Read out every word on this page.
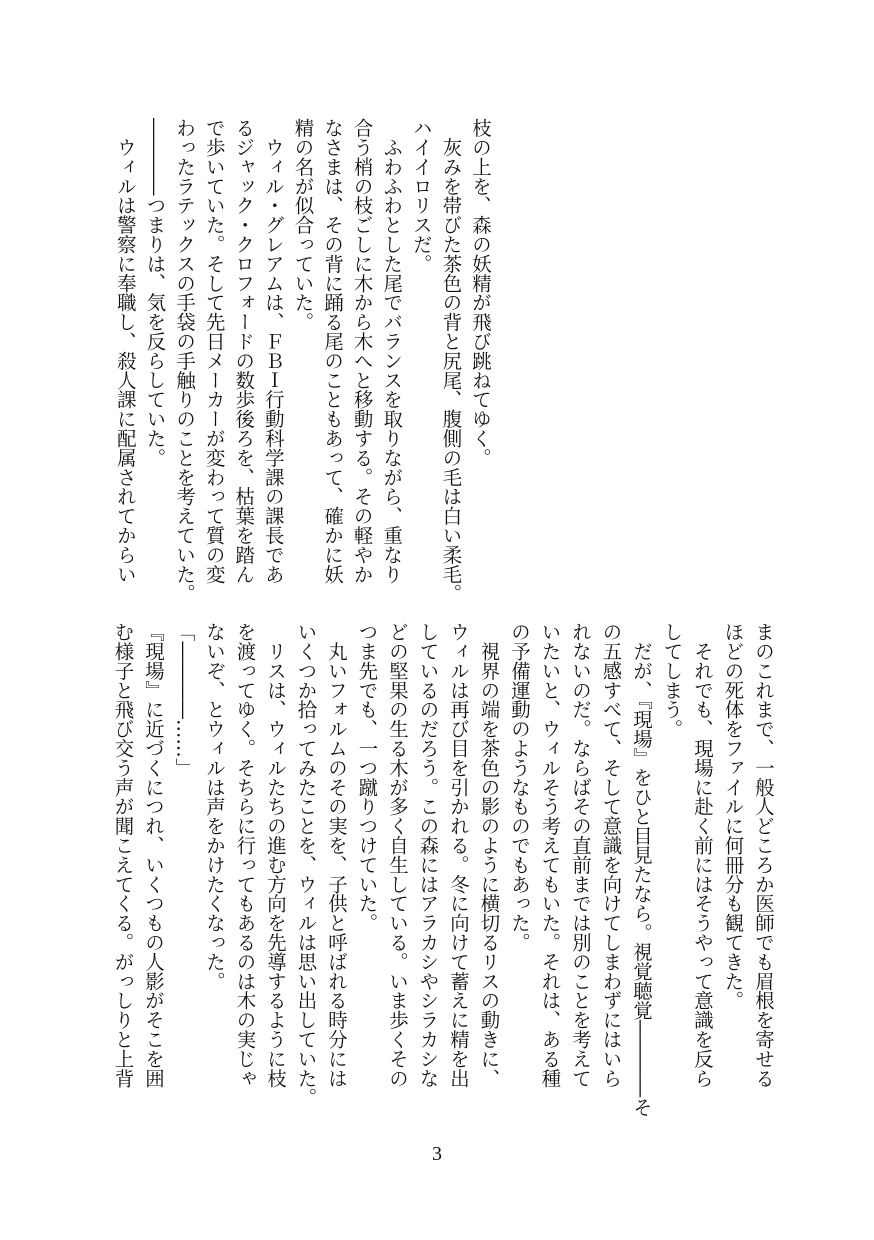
枝の上を、森の妖精が飛び跳ねてゆく。
　灰みを帯びた茶色の背と尻尾、腹側の毛は白い柔毛。
ハイイロリスだ。
　ふわふわとした尾でバランスを取りながら、重なり
合う梢の枝ごしに木から木へと移動する。その軽やか
なさまは、その背に踊る尾のこともあって、確かに妖
精の名が似合っていた。
　ウィル・グレアムは、ＦＢＩ行動科学課の課長であ
るジャック・クロフォードの数歩後ろを、枯葉を踏ん
で歩いていた。そして先日メーカーが変わって質の変
わったラテックスの手袋の手触りのことを考えていた。
――――つまりは、気を反らしていた。
　ウィルは警察に奉職し、殺人課に配属されてからい
まのこれまで、一般人どころか医師でも眉根を寄せる
ほどの死体をファイルに何冊分も観てきた。
　それでも、現場に赴く前にはそうやって意識を反ら
してしまう。
　だが、『現場』をひと目見たなら。視覚聴覚――――そ
の五感すべて、そして意識を向けてしまわずにはいら
れないのだ。ならばその直前までは別のことを考えて
いたいと、ウィルそう考えてもいた。それは、ある種
の予備運動のようなものでもあった。
　視界の端を茶色の影のように横切るリスの動きに、
ウィルは再び目を引かれる。冬に向けて蓄えに精を出
しているのだろう。この森にはアラカシやシラカシな
どの堅果の生る木が多く自生している。いま歩くその
つま先でも、一つ蹴りつけていた。
　丸いフォルムのその実を、子供と呼ばれる時分には
いくつか拾ってみたことを、ウィルは思い出していた。
　リスは、ウィルたちの進む方向を先導するように枝
を渡ってゆく。そちらに行ってもあるのは木の実じゃ
ないぞ、とウィルは声をかけたくなった。
「――――……」
『現場』に近づくにつれ、いくつもの人影がそこを囲
む様子と飛び交う声が聞こえてくる。がっしりと上背
3
